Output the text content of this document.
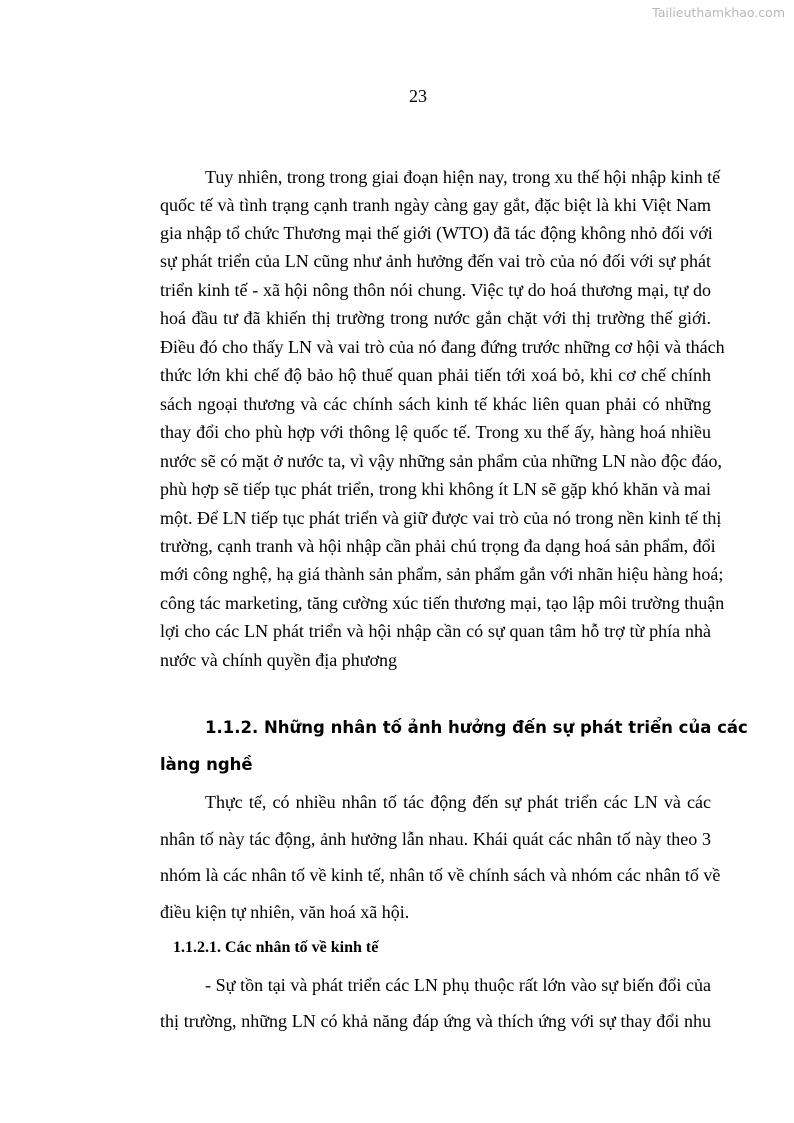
Tailieuthamkhao.com
23
Tuy nhiên, trong trong giai đoạn hiện nay, trong xu thế hội nhập kinh tế
quốc tế và tình trạng cạnh tranh ngày càng gay gắt, đặc biệt là khi Việt Nam
gia nhập tổ chức Thương mại thế giới (WTO) đã tác động không nhỏ đối với
sự phát triển của LN cũng như ảnh hưởng đến vai trò của nó đối với sự phát
triển kinh tế - xã hội nông thôn nói chung. Việc tự do hoá thương mại, tự do
hoá đầu tư đã khiến thị trường trong nước gắn chặt với thị trường thế giới.
Điều đó cho thấy LN và vai trò của nó đang đứng trước những cơ hội và thách
thức lớn khi chế độ bảo hộ thuế quan phải tiến tới xoá bỏ, khi cơ chế chính
sách ngoại thương và các chính sách kinh tế khác liên quan phải có những
thay đổi cho phù hợp với thông lệ quốc tế. Trong xu thế ấy, hàng hoá nhiều
nước sẽ có mặt ở nước ta, vì vậy những sản phẩm của những LN nào độc đáo,
phù hợp sẽ tiếp tục phát triển, trong khi không ít LN sẽ gặp khó khăn và mai
một. Để LN tiếp tục phát triển và giữ được vai trò của nó trong nền kinh tế thị
trường, cạnh tranh và hội nhập cần phải chú trọng đa dạng hoá sản phẩm, đổi
mới công nghệ, hạ giá thành sản phẩm, sản phẩm gắn với nhãn hiệu hàng hoá;
công tác marketing, tăng cường xúc tiến thương mại, tạo lập môi trường thuận
lợi cho các LN phát triển và hội nhập cần có sự quan tâm hỗ trợ từ phía nhà
nước và chính quyền địa phương
1.1.2. Những nhân tố ảnh hưởng đến sự phát triển của các
làng nghề
Thực tế, có nhiều nhân tố tác động đến sự phát triển các LN và các
nhân tố này tác động, ảnh hưởng lẫn nhau. Khái quát các nhân tố này theo 3
nhóm là các nhân tố về kinh tế, nhân tố về chính sách và nhóm các nhân tố về
điều kiện tự nhiên, văn hoá xã hội.
1.1.2.1. Các nhân tố về kinh tế
- Sự tồn tại và phát triển các LN phụ thuộc rất lớn vào sự biến đổi của
thị trường, những LN có khả năng đáp ứng và thích ứng với sự thay đổi nhu
